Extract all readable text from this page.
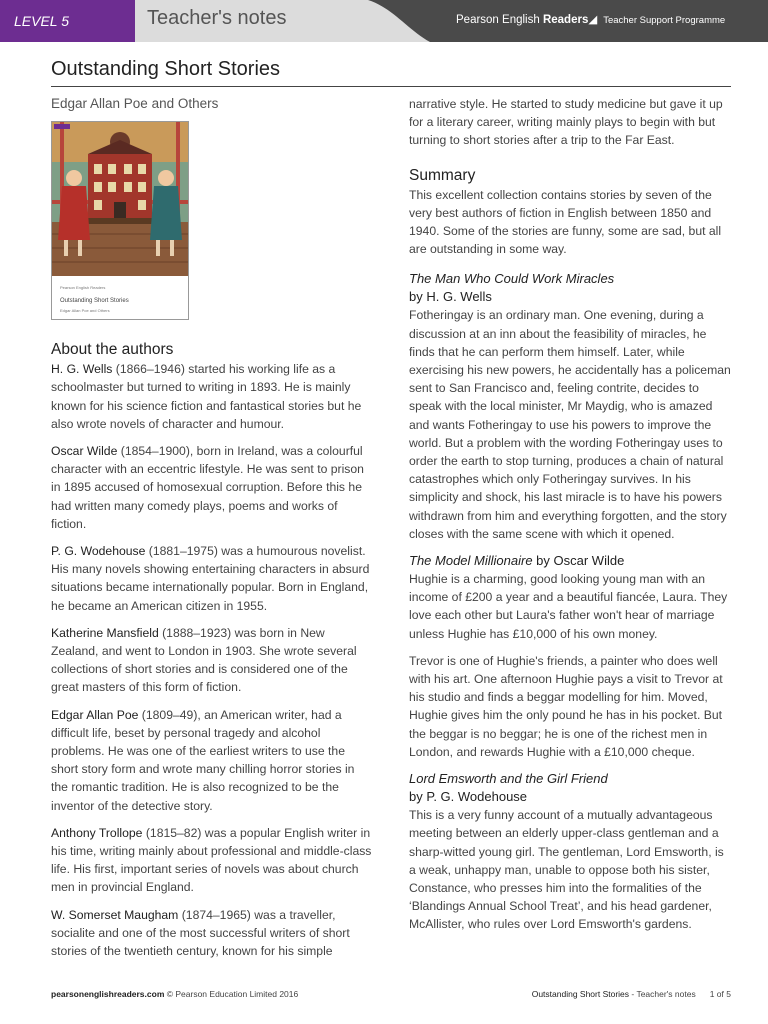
LEVEL 5	Teacher's notes	Pearson English Readers◢ Teacher Support Programme
Outstanding Short Stories
Edgar Allan Poe and Others
Pearson English Readers
Outstanding Short Stories
Edgar Allan Poe and Others
About the authors

H. G. Wells (1866–1946) started his working life as a schoolmaster but turned to writing in 1893. He is mainly known for his science fiction and fantastical stories but he also wrote novels of character and humour.

Oscar Wilde (1854–1900), born in Ireland, was a colourful character with an eccentric lifestyle. He was sent to prison in 1895 accused of homosexual corruption. Before this he had written many comedy plays, poems and works of fiction.

P. G. Wodehouse (1881–1975) was a humourous novelist. His many novels showing entertaining characters in absurd situations became internationally popular. Born in England, he became an American citizen in 1955.

Katherine Mansfield (1888–1923) was born in New Zealand, and went to London in 1903. She wrote several collections of short stories and is considered one of the great masters of this form of fiction.

Edgar Allan Poe (1809–49), an American writer, had a difficult life, beset by personal tragedy and alcohol problems. He was one of the earliest writers to use the short story form and wrote many chilling horror stories in the romantic tradition. He is also recognized to be the inventor of the detective story.

Anthony Trollope (1815–82) was a popular English writer in his time, writing mainly about professional and middle-class life. His first, important series of novels was about church men in provincial England.

W. Somerset Maugham (1874–1965) was a traveller, socialite and one of the most successful writers of short stories of the twentieth century, known for his simple

narrative style. He started to study medicine but gave it up for a literary career, writing mainly plays to begin with but turning to short stories after a trip to the Far East.

Summary

This excellent collection contains stories by seven of the very best authors of fiction in English between 1850 and 1940. Some of the stories are funny, some are sad, but all are outstanding in some way.

The Man Who Could Work Miracles
by H. G. Wells

Fotheringay is an ordinary man. One evening, during a discussion at an inn about the feasibility of miracles, he finds that he can perform them himself. Later, while exercising his new powers, he accidentally has a policeman sent to San Francisco and, feeling contrite, decides to speak with the local minister, Mr Maydig, who is amazed and wants Fotheringay to use his powers to improve the world. But a problem with the wording Fotheringay uses to order the earth to stop turning, produces a chain of natural catastrophes which only Fotheringay survives. In his simplicity and shock, his last miracle is to have his powers withdrawn from him and everything forgotten, and the story closes with the same scene with which it opened.

The Model Millionaire by Oscar Wilde

Hughie is a charming, good looking young man with an income of £200 a year and a beautiful fiancée, Laura. They love each other but Laura's father won't hear of marriage unless Hughie has £10,000 of his own money.

Trevor is one of Hughie's friends, a painter who does well with his art. One afternoon Hughie pays a visit to Trevor at his studio and finds a beggar modelling for him. Moved, Hughie gives him the only pound he has in his pocket. But the beggar is no beggar; he is one of the richest men in London, and rewards Hughie with a £10,000 cheque.

Lord Emsworth and the Girl Friend
by P. G. Wodehouse

This is a very funny account of a mutually advantageous meeting between an elderly upper-class gentleman and a sharp-witted young girl. The gentleman, Lord Emsworth, is a weak, unhappy man, unable to oppose both his sister, Constance, who presses him into the formalities of the ‘Blandings Annual School Treat’, and his head gardener, McAllister, who rules over Lord Emsworth's gardens.

pearsonenglishreaders.com © Pearson Education Limited 2016	Outstanding Short Stories - Teacher's notes 1 of 5
